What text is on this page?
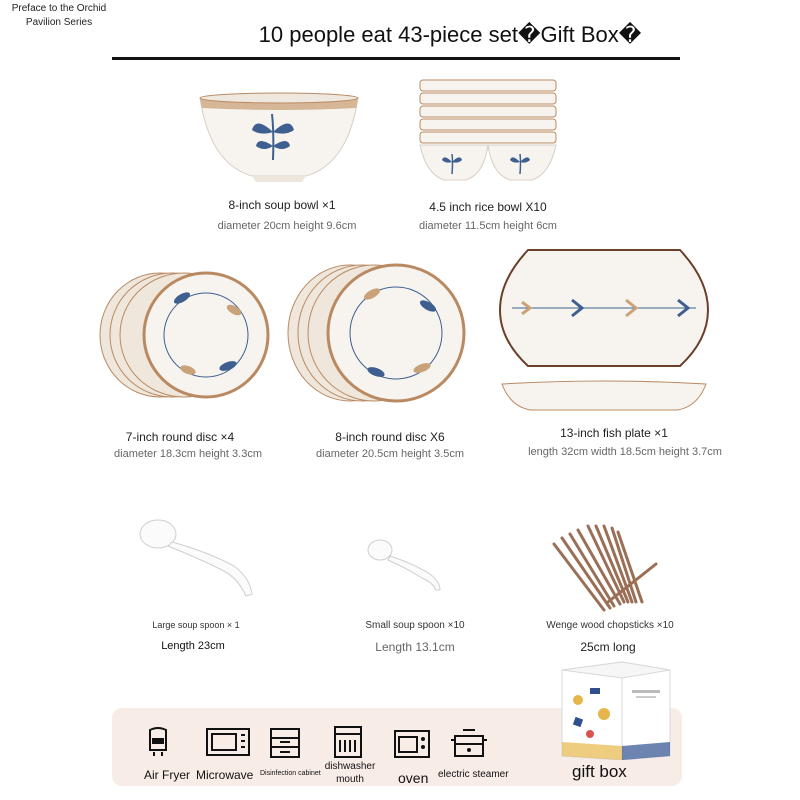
Preface to the Orchid
Pavilion Series	10 people eat 43-piece set�Gift Box�
8-inch soup bowl ×1
diameter 20cm height 9.6cm
4.5 inch rice bowl X10
diameter 11.5cm height 6cm
7-inch round disc ×4
diameter 18.3cm height 3.3cm
8-inch round disc X6
diameter 20.5cm height 3.5cm
13-inch fish plate ×1
length 32cm width 18.5cm height 3.7cm
Large soup spoon × 1
Length 23cm
Small soup spoon ×10
Length 13.1cm
Wenge wood chopsticks ×10
25cm long
Air Fryer Microwave Disinfection cabinet
dishwasher
mouth	oven electric steamer	gift box
